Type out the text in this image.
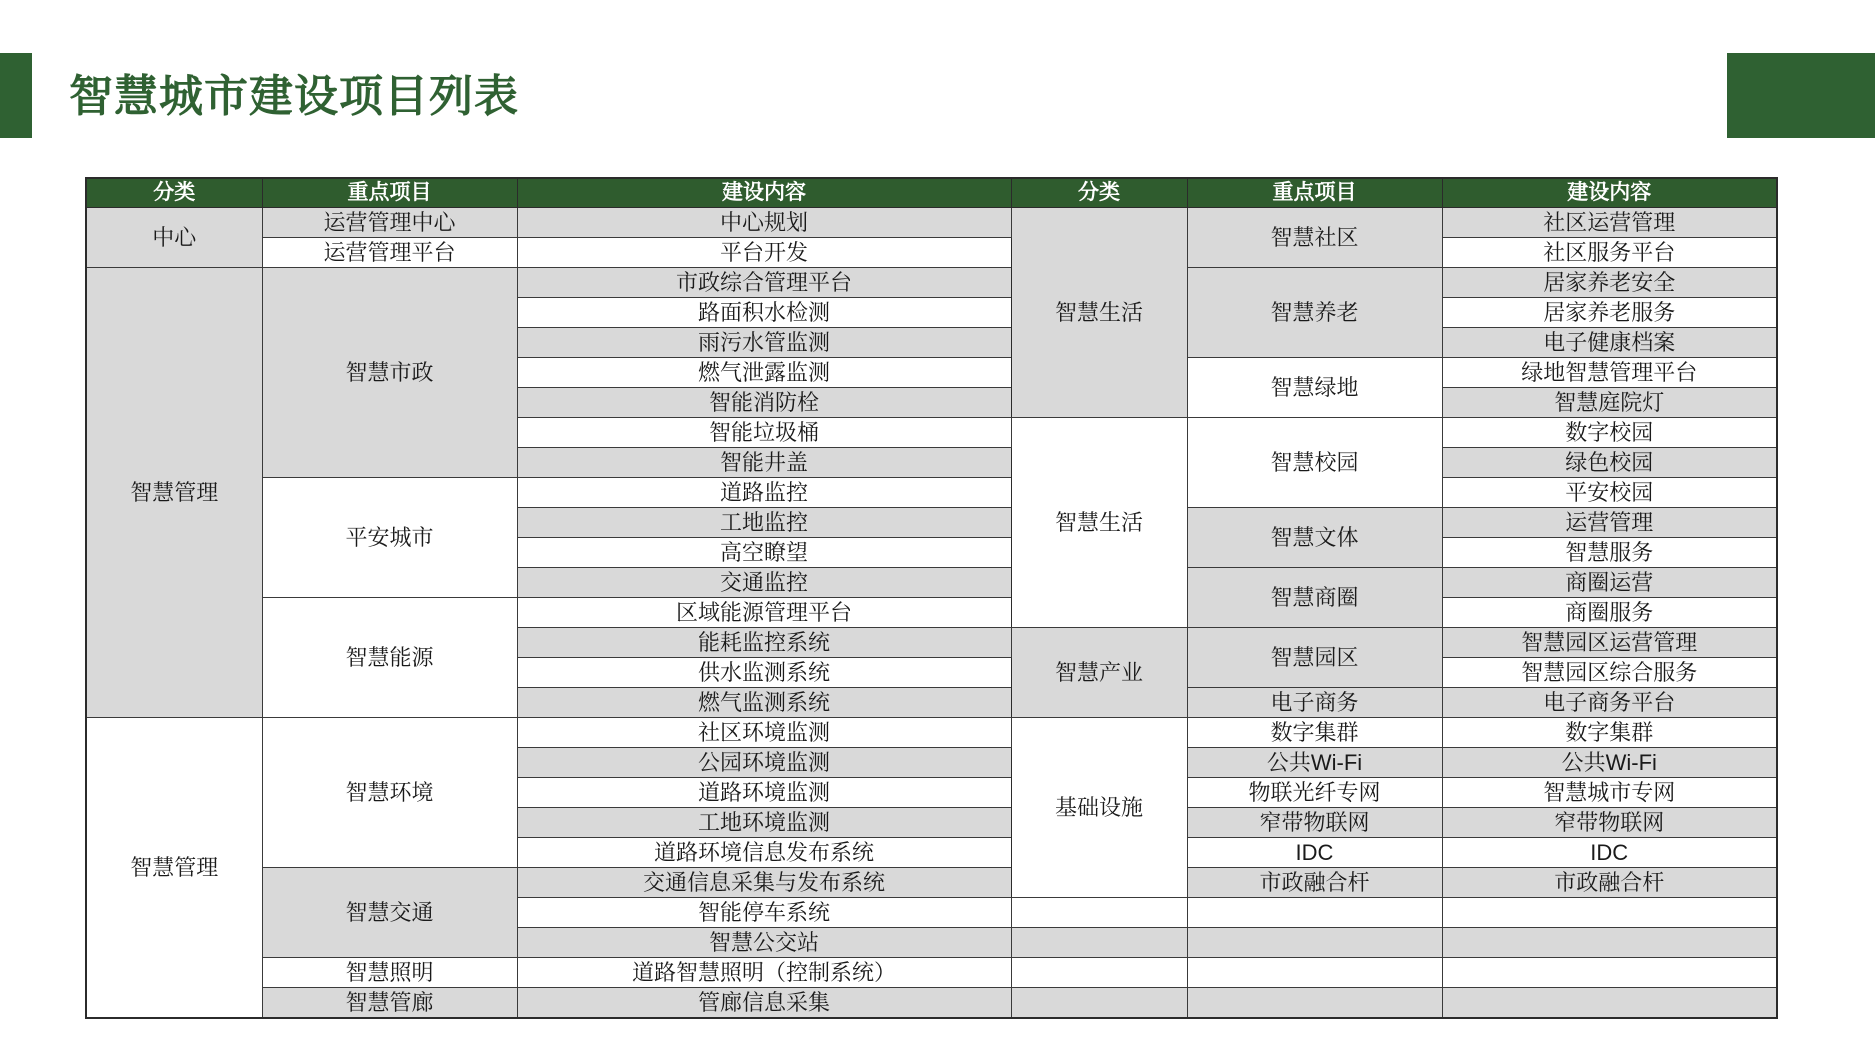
智慧城市建设项目列表
分类	重点项目	建设内容	分类	重点项目	建设内容
中心	运营管理中心	中心规划	智慧生活	智慧社区	社区运营管理
	运营管理平台	平台开发			社区服务平台
智慧管理	智慧市政	市政综合管理平台		智慧养老	居家养老安全
		路面积水检测			居家养老服务
		雨污水管监测			电子健康档案
		燃气泄露监测		智慧绿地	绿地智慧管理平台
		智能消防栓			智慧庭院灯
		智能垃圾桶	智慧生活	智慧校园	数字校园
		智能井盖			绿色校园
	平安城市	道路监控			平安校园
		工地监控		智慧文体	运营管理
		高空瞭望			智慧服务
		交通监控		智慧商圈	商圈运营
	智慧能源	区域能源管理平台			商圈服务
		能耗监控系统	智慧产业	智慧园区	智慧园区运营管理
		供水监测系统			智慧园区综合服务
		燃气监测系统		电子商务	电子商务平台
智慧管理	智慧环境	社区环境监测	基础设施	数字集群	数字集群
		公园环境监测		公共Wi-Fi	公共Wi-Fi
		道路环境监测		物联光纤专网	智慧城市专网
		工地环境监测		窄带物联网	窄带物联网
		道路环境信息发布系统		IDC	IDC
	智慧交通	交通信息采集与发布系统		市政融合杆	市政融合杆
		智能停车系统			
		智慧公交站			
	智慧照明	道路智慧照明（控制系统）			
	智慧管廊	管廊信息采集			
